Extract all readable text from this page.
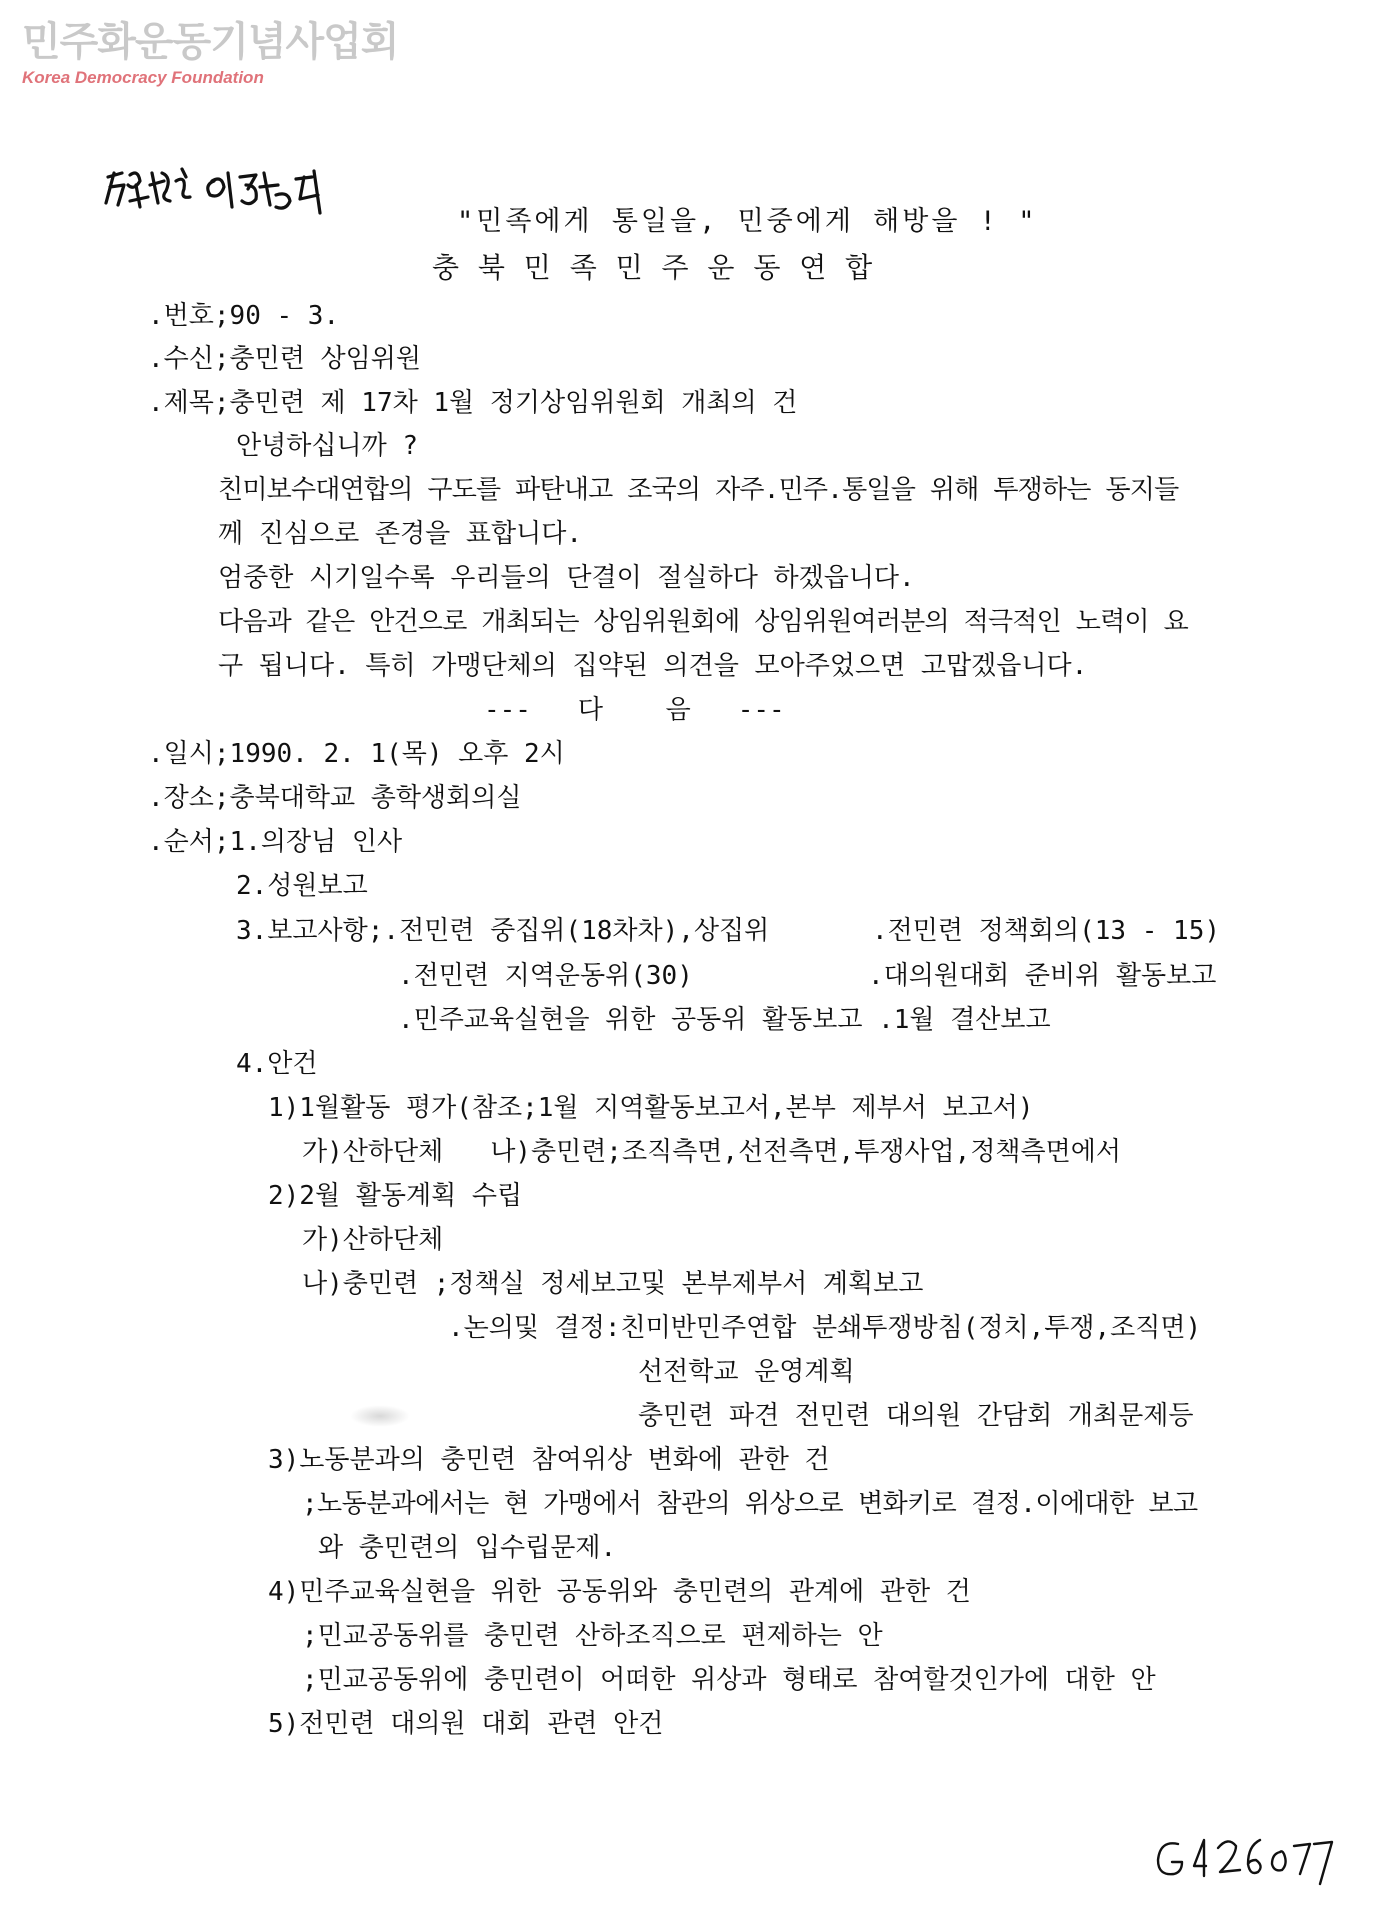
민주화운동기념사업회
Korea Democracy Foundation
"민족에게 통일을, 민중에게 해방을 ! "
충 북 민 족 민 주 운 동 연 합
.번호;90 - 3.
.수신;충민련 상임위원
.제목;충민련 제 17차 1월 정기상임위원회 개최의 건
안녕하십니까 ?
친미보수대연합의 구도를 파탄내고 조국의 자주.민주.통일을 위해 투쟁하는 동지들
께 진심으로 존경을 표합니다.
엄중한 시기일수록 우리들의 단결이 절실하다 하겠읍니다.
다음과 같은 안건으로 개최되는 상임위원회에 상임위원여러분의 적극적인 노력이 요
구 됩니다. 특히 가맹단체의 집약된 의견을 모아주었으면 고맙겠읍니다.
---   다    음   ---
.일시;1990. 2. 1(목) 오후 2시
.장소;충북대학교 총학생회의실
.순서;1.의장님 인사
2.성원보고
3.보고사항;.전민련 중집위(18차차),상집위	.전민련 정책회의(13 - 15)
.전민련 지역운동위(30)	.대의원대회 준비위 활동보고
.민주교육실현을 위한 공동위 활동보고 .1월 결산보고
4.안건
1)1월활동 평가(참조;1월 지역활동보고서,본부 제부서 보고서)
가)산하단체   나)충민련;조직측면,선전측면,투쟁사업,정책측면에서
2)2월 활동계획 수립
가)산하단체
나)충민련 ;정책실 정세보고및 본부제부서 계획보고
.논의및 결정:친미반민주연합 분쇄투쟁방침(정치,투쟁,조직면)
선전학교 운영계획
충민련 파견 전민련 대의원 간담회 개최문제등
3)노동분과의 충민련 참여위상 변화에 관한 건
;노동분과에서는 현 가맹에서 참관의 위상으로 변화키로 결정.이에대한 보고
와 충민련의 입수립문제.
4)민주교육실현을 위한 공동위와 충민련의 관계에 관한 건
;민교공동위를 충민련 산하조직으로 편제하는 안
;민교공동위에 충민련이 어떠한 위상과 형태로 참여할것인가에 대한 안
5)전민련 대의원 대회 관련 안건
